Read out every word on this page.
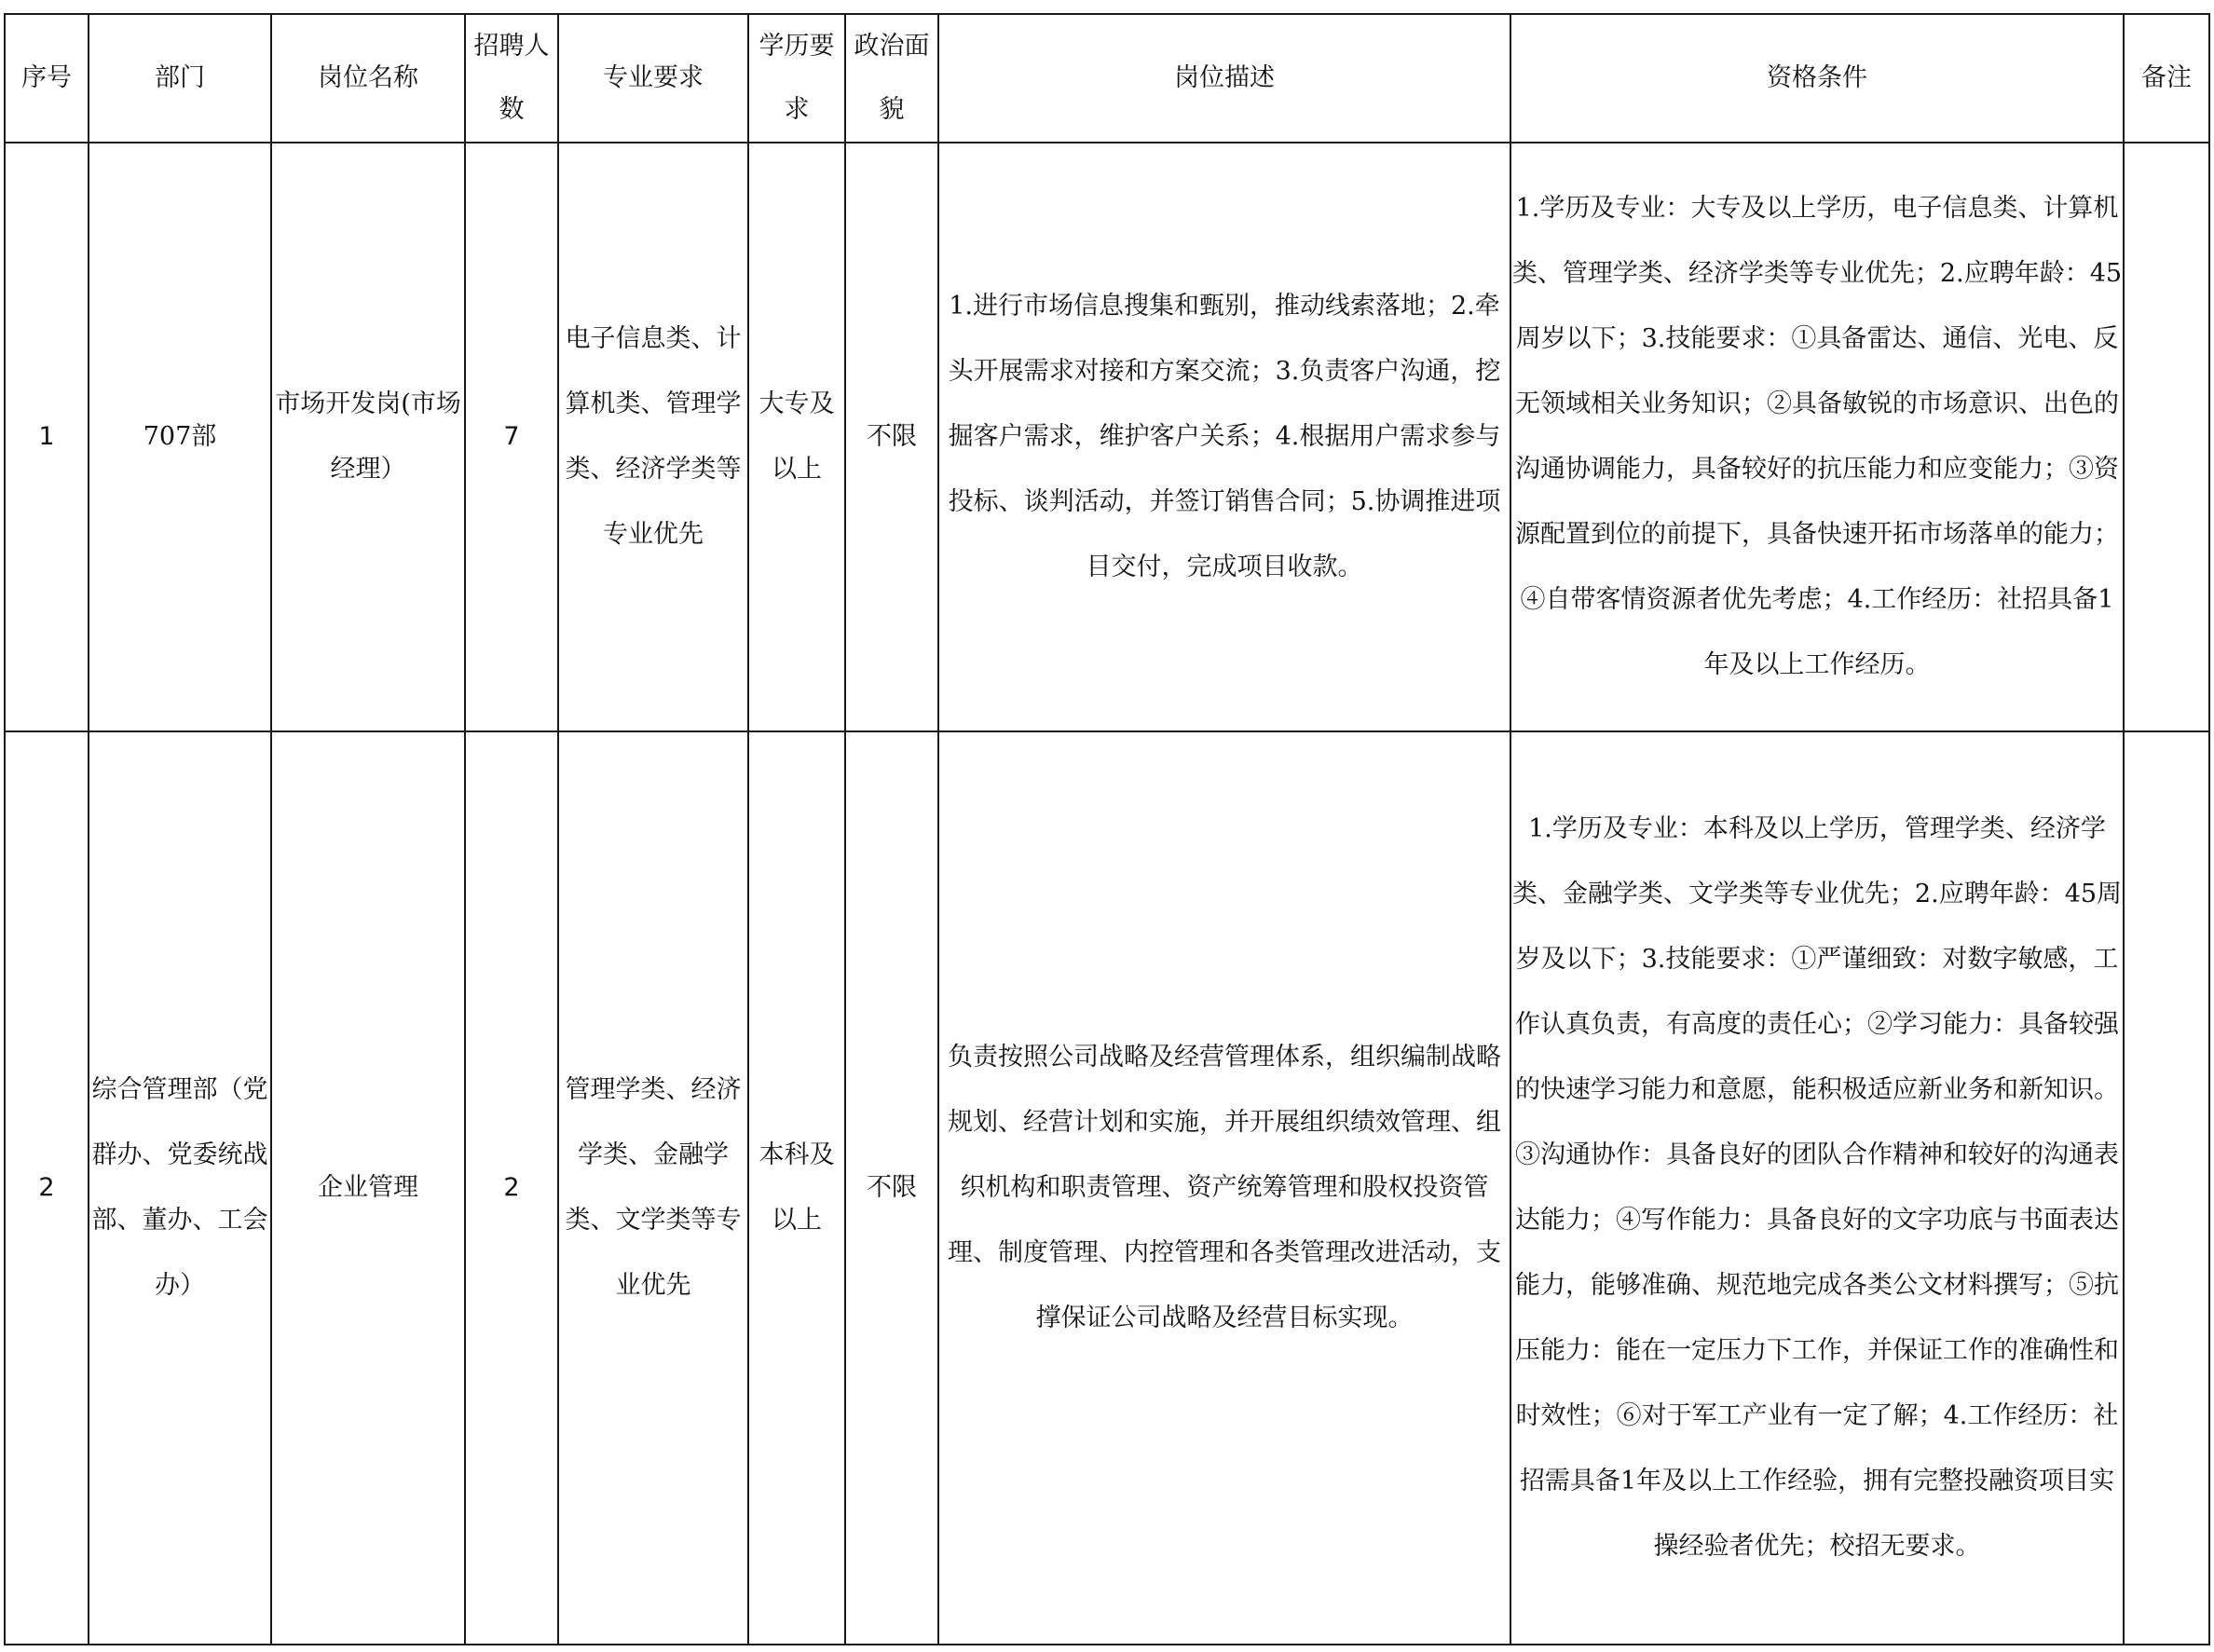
序号	部门	岗位名称	招聘人数	专业要求	学历要求	政治面貌	岗位描述	资格条件	备注
1	707部	市场开发岗(市场经理）	7	电子信息类、计算机类、管理学类、经济学类等专业优先	大专及以上	不限	1.进行市场信息搜集和甄别，推动线索落地；2.牵头开展需求对接和方案交流；3.负责客户沟通，挖掘客户需求，维护客户关系；4.根据用户需求参与投标、谈判活动，并签订销售合同；5.协调推进项目交付，完成项目收款。	1.学历及专业：大专及以上学历，电子信息类、计算机类、管理学类、经济学类等专业优先；2.应聘年龄：45周岁以下；3.技能要求：①具备雷达、通信、光电、反无领域相关业务知识；②具备敏锐的市场意识、出色的沟通协调能力，具备较好的抗压能力和应变能力；③资源配置到位的前提下，具备快速开拓市场落单的能力；④自带客情资源者优先考虑；4.工作经历：社招具备1年及以上工作经历。	
2	综合管理部（党群办、党委统战部、董办、工会办）	企业管理	2	管理学类、经济学类、金融学类、文学类等专业优先	本科及以上	不限	负责按照公司战略及经营管理体系，组织编制战略规划、经营计划和实施，并开展组织绩效管理、组织机构和职责管理、资产统筹管理和股权投资管理、制度管理、内控管理和各类管理改进活动，支撑保证公司战略及经营目标实现。	1.学历及专业：本科及以上学历，管理学类、经济学类、金融学类、文学类等专业优先；2.应聘年龄：45周岁及以下；3.技能要求：①严谨细致：对数字敏感，工作认真负责，有高度的责任心；②学习能力：具备较强的快速学习能力和意愿，能积极适应新业务和新知识。③沟通协作：具备良好的团队合作精神和较好的沟通表达能力；④写作能力：具备良好的文字功底与书面表达能力，能够准确、规范地完成各类公文材料撰写；⑤抗压能力：能在一定压力下工作，并保证工作的准确性和时效性；⑥对于军工产业有一定了解；4.工作经历：社招需具备1年及以上工作经验，拥有完整投融资项目实操经验者优先；校招无要求。	
